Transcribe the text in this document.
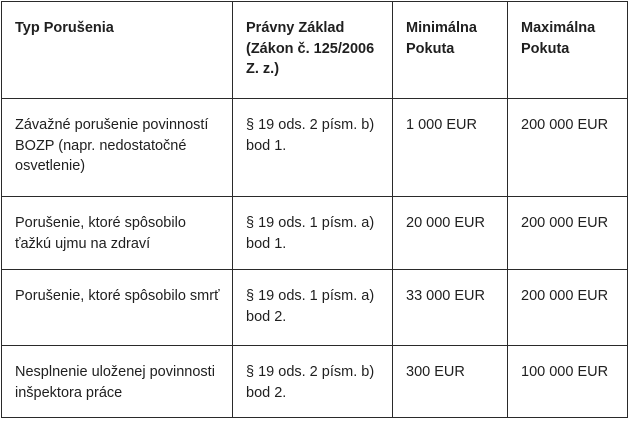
Typ Porušenia	Právny Základ (Zákon č. 125/2006 Z. z.)	Minimálna Pokuta	Maximálna Pokuta
Závažné porušenie povinností BOZP (napr. nedostatočné osvetlenie)	§ 19 ods. 2 písm. b) bod 1.	1 000 EUR	200 000 EUR
Porušenie, ktoré spôsobilo ťažkú ujmu na zdraví	§ 19 ods. 1 písm. a) bod 1.	20 000 EUR	200 000 EUR
Porušenie, ktoré spôsobilo smrť	§ 19 ods. 1 písm. a) bod 2.	33 000 EUR	200 000 EUR
Nesplnenie uloženej povinnosti inšpektora práce	§ 19 ods. 2 písm. b) bod 2.	300 EUR	100 000 EUR
